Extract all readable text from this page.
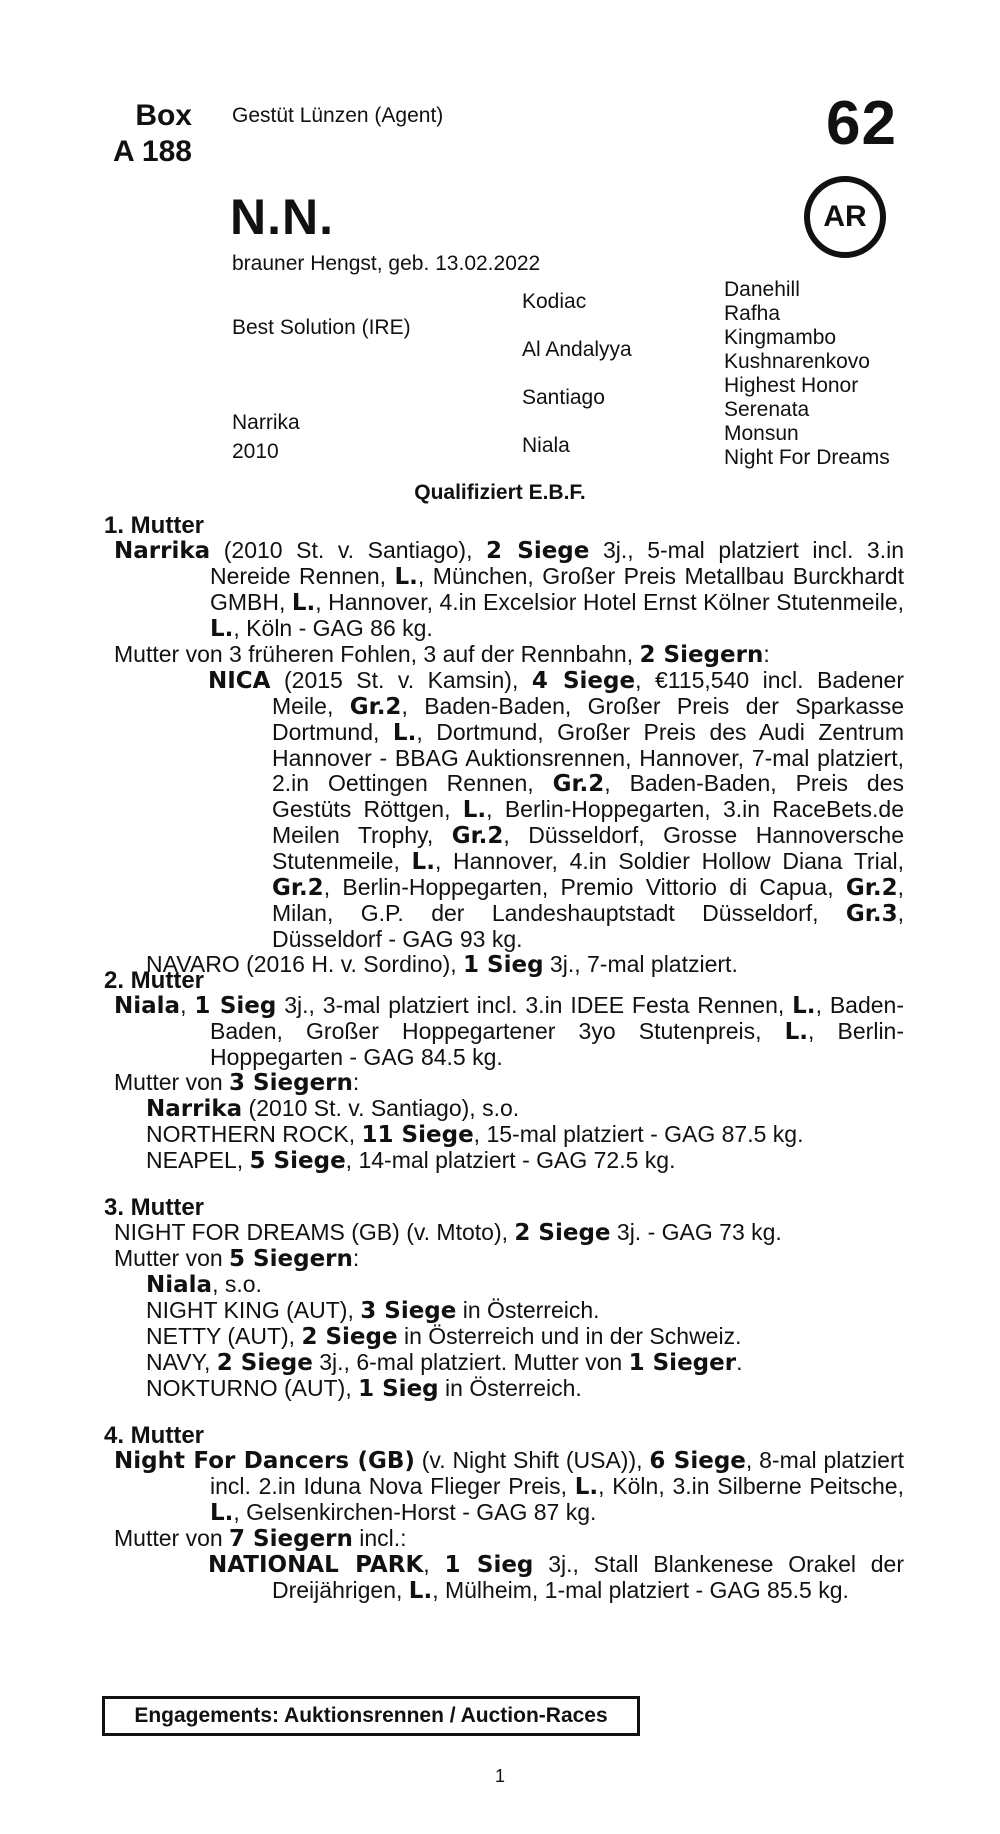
Box
A 188
Gestüt Lünzen (Agent)	62
AR
N.N.
brauner Hengst, geb. 13.02.2022
Best Solution (IRE)
Narrika
2010
Kodiac
Al Andalyya
Santiago
Niala
Danehill
Rafha
Kingmambo
Kushnarenkovo
Highest Honor
Serenata
Monsun
Night For Dreams
Qualifiziert E.B.F.
1. Mutter
Narrika (2010 St. v. Santiago), 2 Siege 3j., 5-mal platziert incl. 3.in Nereide Rennen, L., München, Großer Preis Metallbau Burckhardt GMBH, L., Hannover, 4.in Excelsior Hotel Ernst Kölner Stutenmeile, L., Köln - GAG 86 kg.
Mutter von 3 früheren Fohlen, 3 auf der Rennbahn, 2 Siegern:
NICA (2015 St. v. Kamsin), 4 Siege, €115,540 incl. Badener Meile, Gr.2, Baden-Baden, Großer Preis der Sparkasse Dortmund, L., Dortmund, Großer Preis des Audi Zentrum Hannover - BBAG Auktionsrennen, Hannover, 7-mal platziert, 2.in Oettingen Rennen, Gr.2, Baden-Baden, Preis des Gestüts Röttgen, L., Berlin-Hoppegarten, 3.in RaceBets.de Meilen Trophy, Gr.2, Düsseldorf, Grosse Hannoversche Stutenmeile, L., Hannover, 4.in Soldier Hollow Diana Trial, Gr.2, Berlin-Hoppegarten, Premio Vittorio di Capua, Gr.2, Milan, G.P. der Landeshauptstadt Düsseldorf, Gr.3, Düsseldorf - GAG 93 kg.
NAVARO (2016 H. v. Sordino), 1 Sieg 3j., 7-mal platziert.
2. Mutter
Niala, 1 Sieg 3j., 3-mal platziert incl. 3.in IDEE Festa Rennen, L., Baden-Baden, Großer Hoppegartener 3yo Stutenpreis, L., Berlin-Hoppegarten - GAG 84.5 kg.
Mutter von 3 Siegern:
Narrika (2010 St. v. Santiago), s.o.
NORTHERN ROCK, 11 Siege, 15-mal platziert - GAG 87.5 kg.
NEAPEL, 5 Siege, 14-mal platziert - GAG 72.5 kg.
3. Mutter
NIGHT FOR DREAMS (GB) (v. Mtoto), 2 Siege 3j. - GAG 73 kg.
Mutter von 5 Siegern:
Niala, s.o.
NIGHT KING (AUT), 3 Siege in Österreich.
NETTY (AUT), 2 Siege in Österreich und in der Schweiz.
NAVY, 2 Siege 3j., 6-mal platziert. Mutter von 1 Sieger.
NOKTURNO (AUT), 1 Sieg in Österreich.
4. Mutter
Night For Dancers (GB) (v. Night Shift (USA)), 6 Siege, 8-mal platziert incl. 2.in Iduna Nova Flieger Preis, L., Köln, 3.in Silberne Peitsche, L., Gelsenkirchen-Horst - GAG 87 kg.
Mutter von 7 Siegern incl.:
NATIONAL PARK, 1 Sieg 3j., Stall Blankenese Orakel der Dreijährigen, L., Mülheim, 1-mal platziert - GAG 85.5 kg.
Engagements: Auktionsrennen / Auction-Races
1
